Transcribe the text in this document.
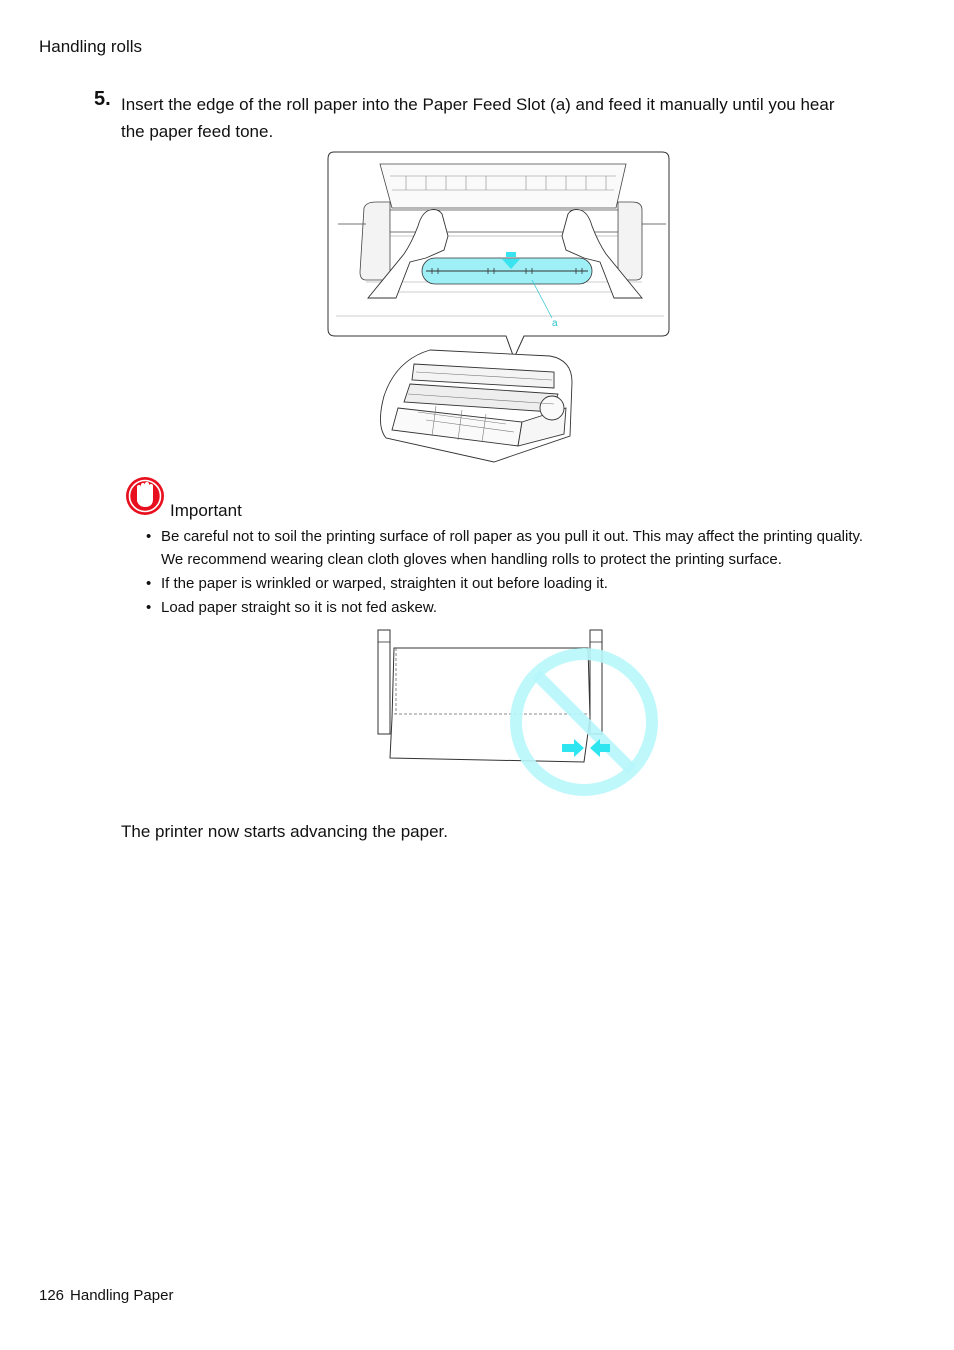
Handling rolls
5. Insert the edge of the roll paper into the Paper Feed Slot (a) and feed it manually until you hear the paper feed tone.
a
Important
• Be careful not to soil the printing surface of roll paper as you pull it out. This may affect the printing quality. We recommend wearing clean cloth gloves when handling rolls to protect the printing surface.
• If the paper is wrinkled or warped, straighten it out before loading it.
• Load paper straight so it is not fed askew.
The printer now starts advancing the paper.
126 Handling Paper
